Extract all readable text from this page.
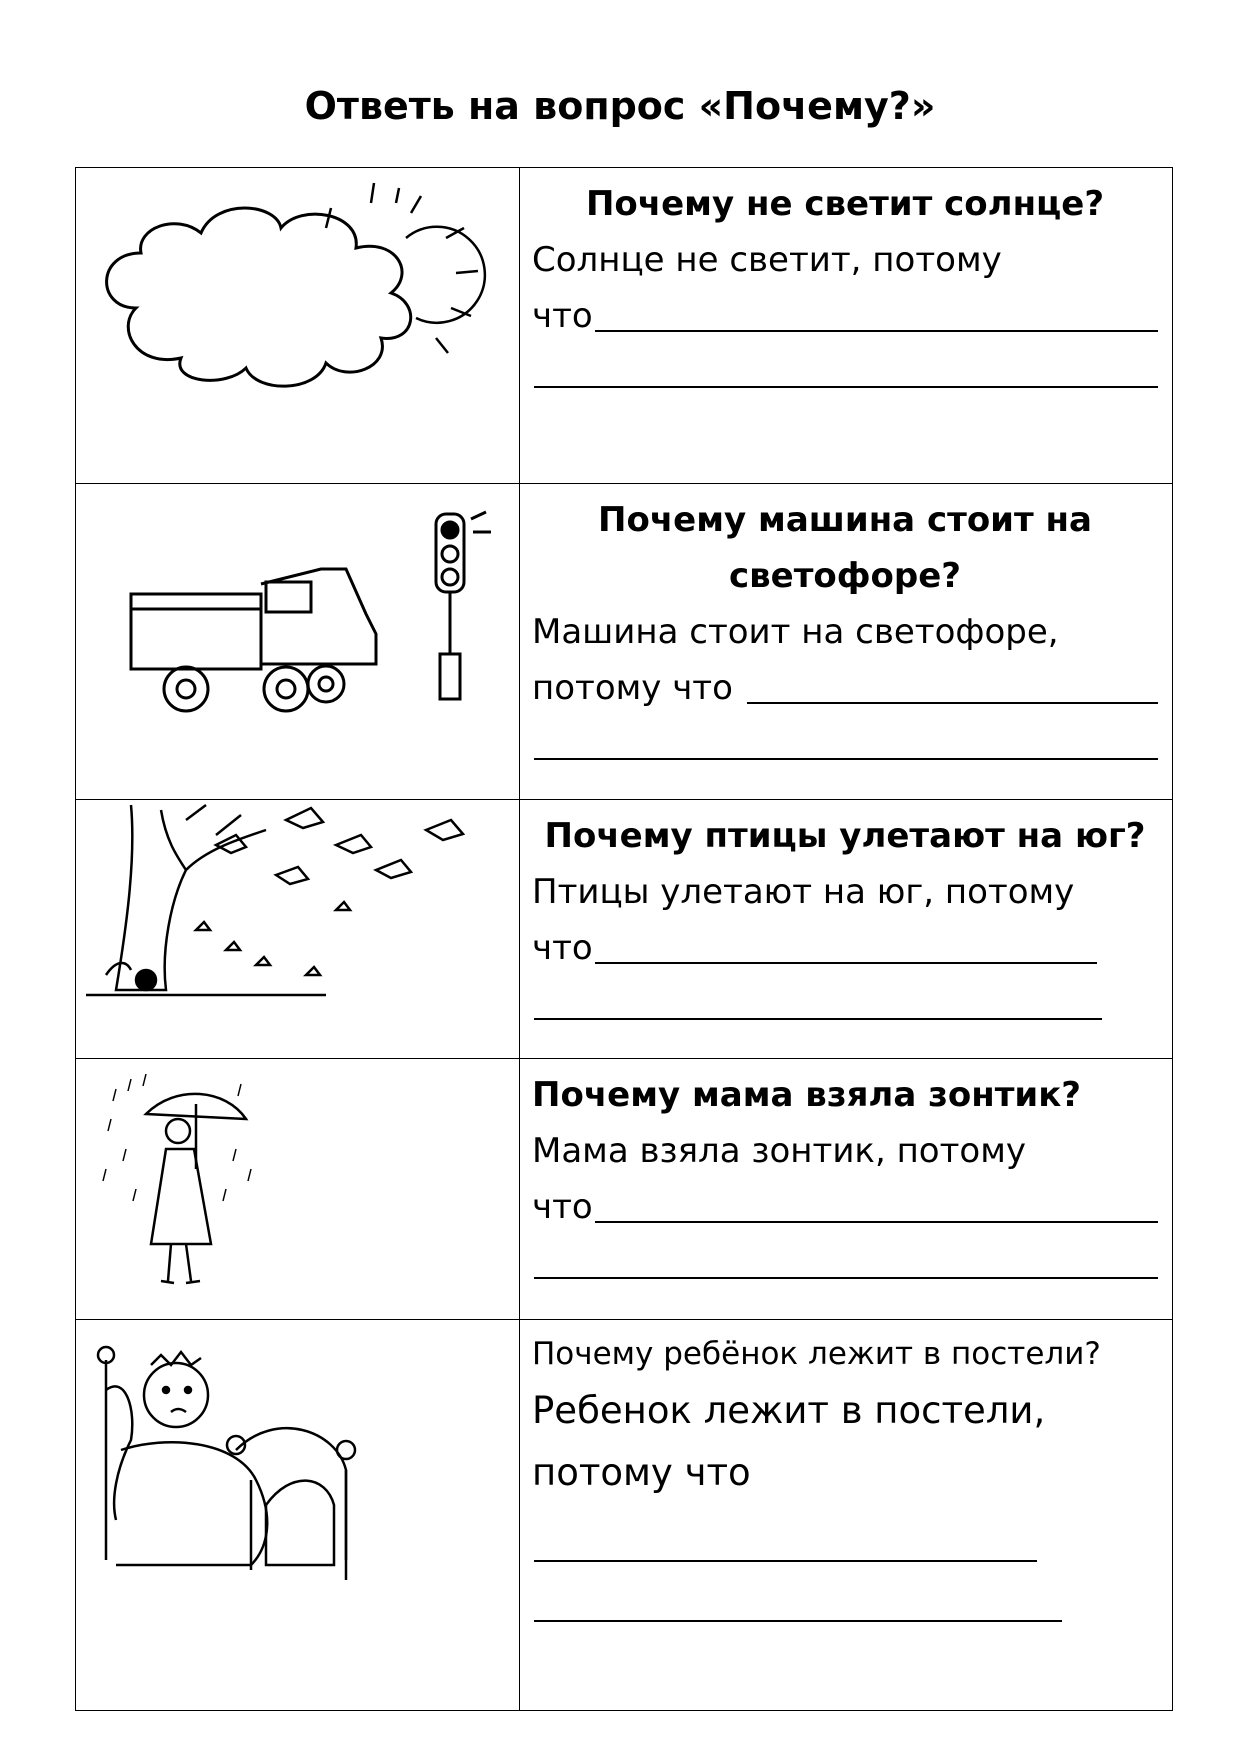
Ответь на вопрос «Почему?»

Почему не светит солнце?
Солнце не светит, потому
что

Почему машина стоит на светофоре?
Машина стоит на светофоре,
потому что

Почему птицы улетают на юг?
Птицы улетают на юг, потому
что

Почему мама взяла зонтик?
Мама взяла зонтик, потому
что

Почему ребёнок лежит в постели?
Ребенок лежит в постели,
потому что
